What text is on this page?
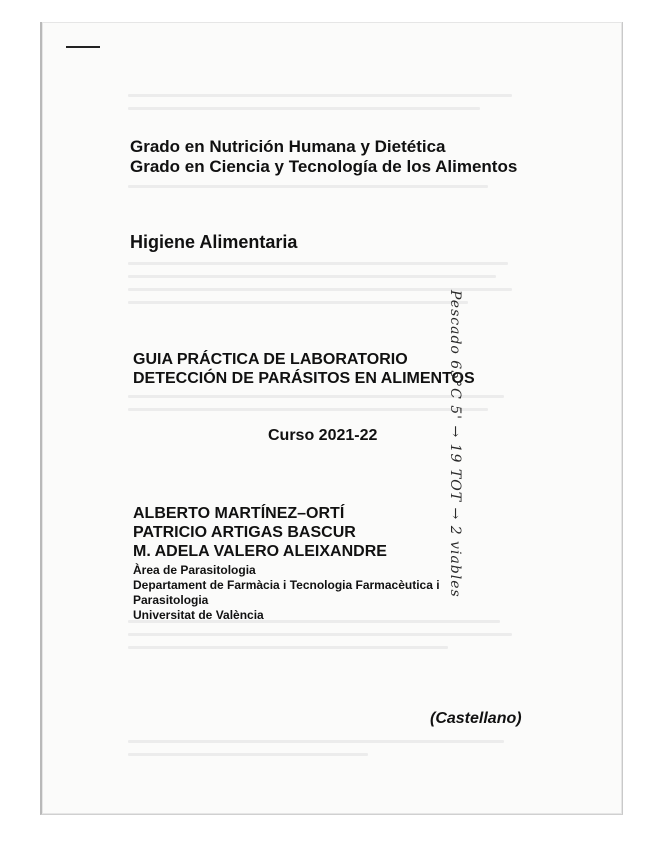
Grado en Nutrición Humana y Dietética
Grado en Ciencia y Tecnología de los Alimentos
Higiene Alimentaria
GUIA PRÁCTICA DE LABORATORIO
DETECCIÓN DE PARÁSITOS EN ALIMENTOS
Curso 2021-22
ALBERTO MARTÍNEZ–ORTÍ
PATRICIO ARTIGAS BASCUR
M. ADELA VALERO ALEIXANDRE
Àrea de Parasitologia
Departament de Farmàcia i Tecnologia Farmacèutica i
Parasitologia
Universitat de València
(Castellano)
Pescado 65°C 5' → 19 TOT → 2 viables
